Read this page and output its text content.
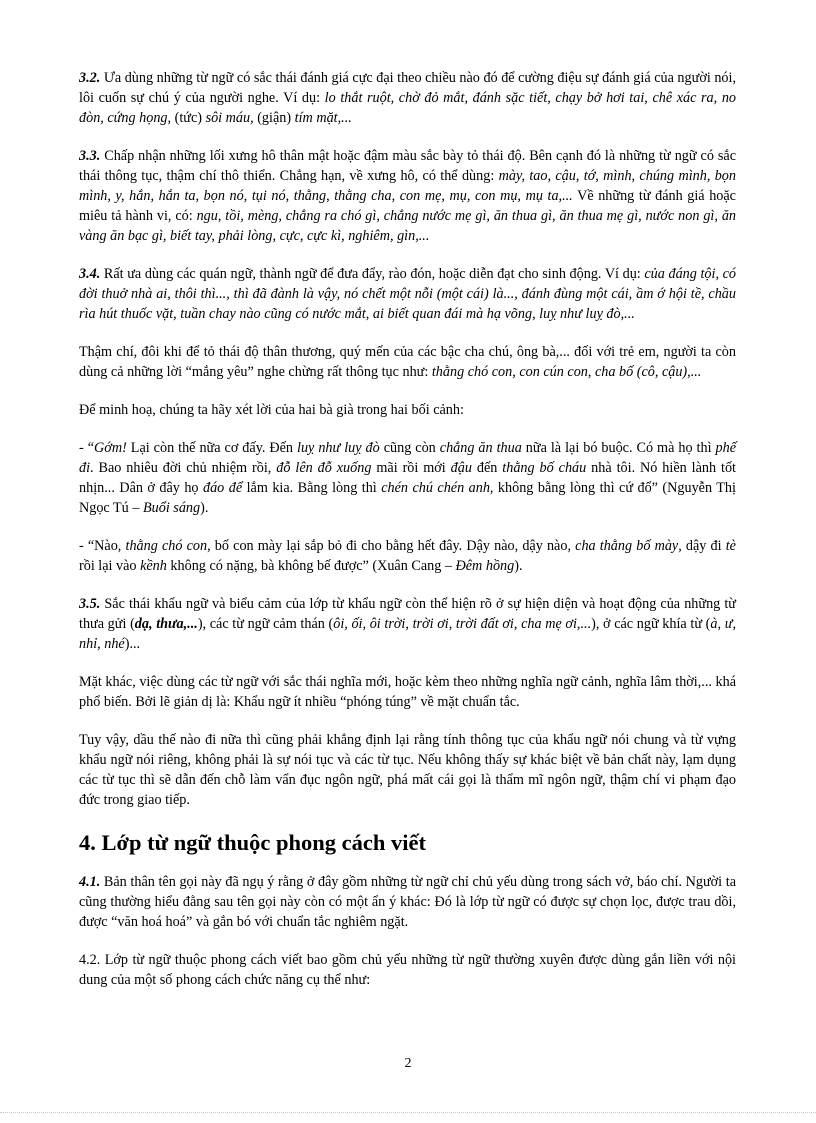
3.2. Ưa dùng những từ ngữ có sắc thái đánh giá cực đại theo chiều nào đó để cường điệu sự đánh giá của người nói, lôi cuốn sự chú ý của người nghe. Ví dụ: lo thắt ruột, chờ đỏ mắt, đánh sặc tiết, chạy bở hơi tai, chê xác ra, no đòn, cứng họng, (tức) sôi máu, (giận) tím mặt,...

3.3. Chấp nhận những lối xưng hô thân mật hoặc đậm màu sắc bày tỏ thái độ. Bên cạnh đó là những từ ngữ có sắc thái thông tục, thậm chí thô thiển. Chẳng hạn, về xưng hô, có thể dùng: mày, tao, cậu, tớ, mình, chúng mình, bọn mình, y, hắn, hắn ta, bọn nó, tụi nó, thằng, thằng cha, con mẹ, mụ, con mụ, mụ ta,... Về những từ đánh giá hoặc miêu tả hành vi, có: ngu, tồi, mèng, chẳng ra chó gì, chẳng nước mẹ gì, ăn thua gì, ăn thua mẹ gì, nước non gì, ăn vàng ăn bạc gì, biết tay, phải lòng, cực, cực kì, nghiêm, gìn,...

3.4. Rất ưa dùng các quán ngữ, thành ngữ để đưa đẩy, rào đón, hoặc diễn đạt cho sinh động. Ví dụ: của đáng tội, có đời thuở nhà ai, thôi thì..., thì đã đành là vậy, nó chết một nỗi (một cái) là..., đánh đùng một cái, ầm ớ hội tề, chầu rìa hút thuốc vặt, tuần chay nào cũng có nước mắt, ai biết quan đái mà hạ võng, luỵ như luỵ đò,...

Thậm chí, đôi khi để tỏ thái độ thân thương, quý mến của các bậc cha chú, ông bà,... đối với trẻ em, người ta còn dùng cả những lời “mắng yêu” nghe chừng rất thông tục như: thằng chó con, con cún con, cha bố (cô, cậu),...

Để minh hoạ, chúng ta hãy xét lời của hai bà già trong hai bối cảnh:

- “Gớm! Lại còn thế nữa cơ đấy. Đến luỵ như luỵ đò cũng còn chẳng ăn thua nữa là lại bó buộc. Có mà họ thì phế đi. Bao nhiêu đời chủ nhiệm rồi, đỗ lên đỗ xuống mãi rồi mới đậu đến thằng bố cháu nhà tôi. Nó hiền lành tốt nhịn... Dân ở đây họ đáo để lắm kia. Bằng lòng thì chén chú chén anh, không bằng lòng thì cứ đổ” (Nguyễn Thị Ngọc Tú – Buổi sáng).

- “Nào, thằng chó con, bố con mày lại sắp bỏ đi cho bằng hết đây. Dậy nào, dậy nào, cha thằng bố mày, dậy đi tè rồi lại vào kềnh không có nặng, bà không bế được” (Xuân Cang – Đêm hồng).

3.5. Sắc thái khẩu ngữ và biểu cảm của lớp từ khẩu ngữ còn thể hiện rõ ở sự hiện diện và hoạt động của những từ thưa gửi (dạ, thưa,...), các từ ngữ cảm thán (ôi, ối, ôi trời, trời ơi, trời đất ơi, cha mẹ ơi,...), ở các ngữ khía từ (à, ư, nhỉ, nhé)...

Mặt khác, việc dùng các từ ngữ với sắc thái nghĩa mới, hoặc kèm theo những nghĩa ngữ cảnh, nghĩa lâm thời,... khá phổ biến. Bởi lẽ giản dị là: Khẩu ngữ ít nhiều “phóng túng” về mặt chuẩn tắc.

Tuy vậy, dầu thế nào đi nữa thì cũng phải khẳng định lại rằng tính thông tục của khẩu ngữ nói chung và từ vựng khẩu ngữ nói riêng, không phải là sự nói tục và các từ tục. Nếu không thấy sự khác biệt về bản chất này, lạm dụng các từ tục thì sẽ dẫn đến chỗ làm vẩn đục ngôn ngữ, phá mất cái gọi là thẩm mĩ ngôn ngữ, thậm chí vi phạm đạo đức trong giao tiếp.

4. Lớp từ ngữ thuộc phong cách viết

4.1. Bản thân tên gọi này đã ngụ ý rằng ở đây gồm những từ ngữ chỉ chủ yếu dùng trong sách vở, báo chí. Người ta cũng thường hiểu đằng sau tên gọi này còn có một ẩn ý khác: Đó là lớp từ ngữ có được sự chọn lọc, được trau dồi, được “văn hoá hoá” và gắn bó với chuẩn tắc nghiêm ngặt.

4.2. Lớp từ ngữ thuộc phong cách viết bao gồm chủ yếu những từ ngữ thường xuyên được dùng gắn liền với nội dung của một số phong cách chức năng cụ thể như:

2
